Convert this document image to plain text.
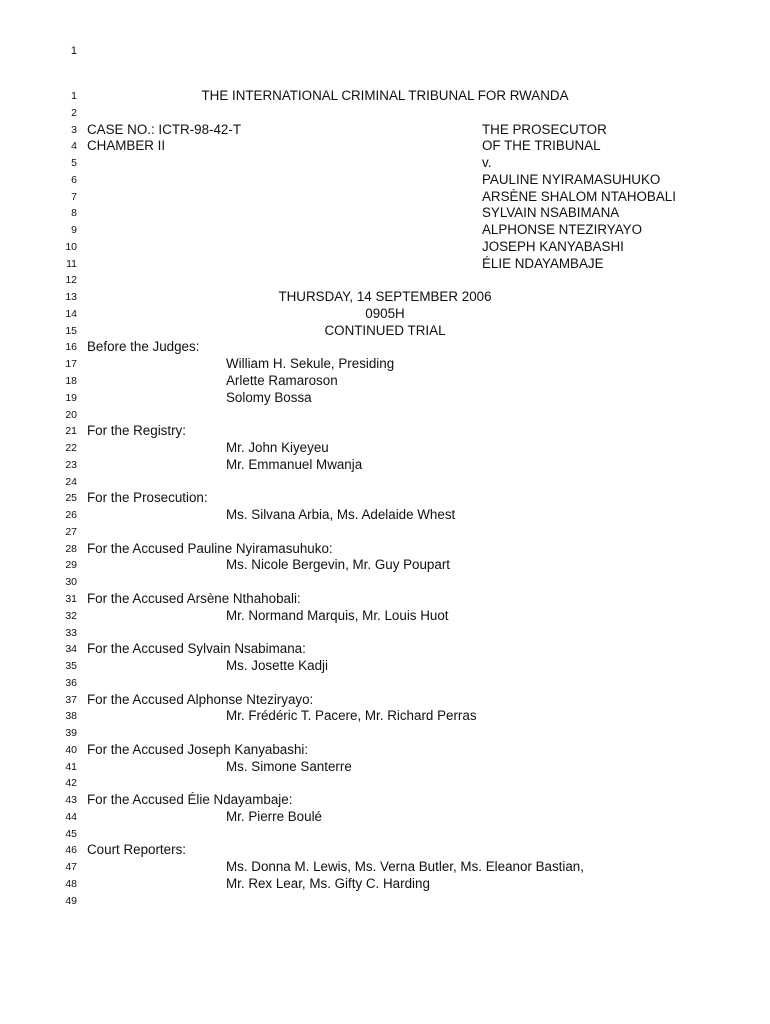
1
1	THE INTERNATIONAL CRIMINAL TRIBUNAL FOR RWANDA
2
3 CASE NO.: ICTR-98-42-T	THE PROSECUTOR
4 CHAMBER II	OF THE TRIBUNAL
5	v.
6	PAULINE NYIRAMASUHUKO
7	ARSÈNE SHALOM NTAHOBALI
8	SYLVAIN NSABIMANA
9	ALPHONSE NTEZIRYAYO
10	JOSEPH KANYABASHI
11	ÉLIE NDAYAMBAJE
12
13	THURSDAY, 14 SEPTEMBER 2006
14	0905H
15	CONTINUED TRIAL
16 Before the Judges:
17	William H. Sekule, Presiding
18	Arlette Ramaroson
19	Solomy Bossa
20
21 For the Registry:
22	Mr. John Kiyeyeu
23	Mr. Emmanuel Mwanja
24
25 For the Prosecution:
26	Ms. Silvana Arbia, Ms. Adelaide Whest
27
28 For the Accused Pauline Nyiramasuhuko:
29	Ms. Nicole Bergevin, Mr. Guy Poupart
30
31 For the Accused Arsène Nthahobali:
32	Mr. Normand Marquis, Mr. Louis Huot
33
34 For the Accused Sylvain Nsabimana:
35	Ms. Josette Kadji
36
37 For the Accused Alphonse Nteziryayo:
38	Mr. Frédéric T. Pacere, Mr. Richard Perras
39
40 For the Accused Joseph Kanyabashi:
41	Ms. Simone Santerre
42
43 For the Accused Élie Ndayambaje:
44	Mr. Pierre Boulé
45
46 Court Reporters:
47	Ms. Donna M. Lewis, Ms. Verna Butler, Ms. Eleanor Bastian,
48	Mr. Rex Lear, Ms. Gifty C. Harding
49
